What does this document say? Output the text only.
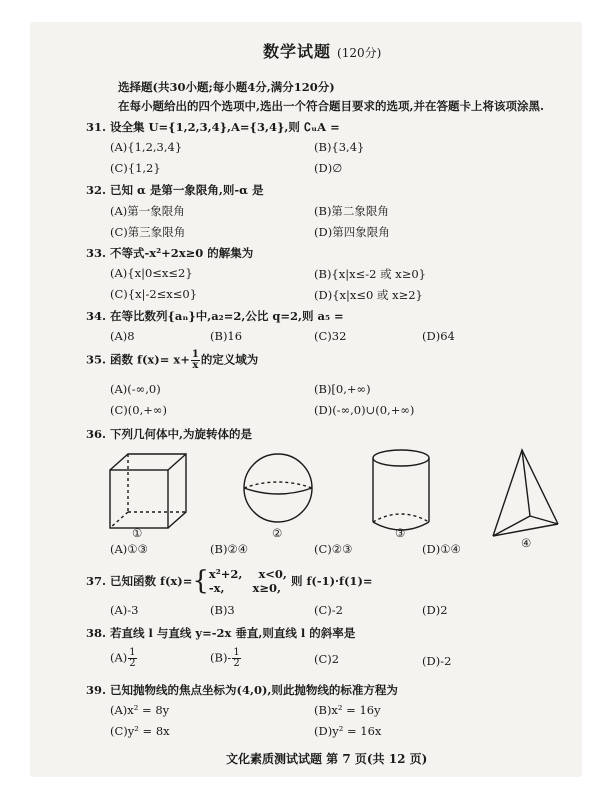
数学试题 (120分)
选择题(共30小题;每小题4分,满分120分)
在每小题给出的四个选项中,选出一个符合题目要求的选项,并在答题卡上将该项涂黑.
31. 设全集 U={1,2,3,4},A={3,4},则 ∁ᵤA =
(A){1,2,3,4}	(B){3,4}
(C){1,2}	(D)∅
32. 已知 α 是第一象限角,则-α 是
(A)第一象限角	(B)第二象限角
(C)第三象限角	(D)第四象限角
33. 不等式-x²+2x≥0 的解集为
(A){x|0≤x≤2}	(B){x|x≤-2 或 x≥0}
(C){x|-2≤x≤0}	(D){x|x≤0 或 x≥2}
34. 在等比数列{aₙ}中,a₂=2,公比 q=2,则 a₅ =
(A)8	(B)16	(C)32	(D)64
35. 函数 $f(x)= x+ \frac{1}{x}$ 的定义域为
(A)(-∞,0)	(B)[0,+∞)
(C)(0,+∞)	(D)(-∞,0)∪(0,+∞)
36. 下列几何体中,为旋转体的是
①	②	③
④
(A)①③	(B)②④	(C)②③	(D)①④
37. 已知函数 f(x)={ x²+2,    x<0,
-x,       x≥0, 则 f(-1)·f(1)=
(A)-3	(B)3	(C)-2	(D)2
38. 若直线 l 与直线 y=-2x 垂直,则直线 l 的斜率是
$(A) \frac{1}{2}$	$(B)- \frac{1}{2}$	(C)2	(D)-2
39. 已知抛物线的焦点坐标为(4,0),则此抛物线的标准方程为
(A)x² = 8y	(B)x² = 16y
(C)y² = 8x	(D)y² = 16x
文化素质测试试题 第 7 页(共 12 页)
